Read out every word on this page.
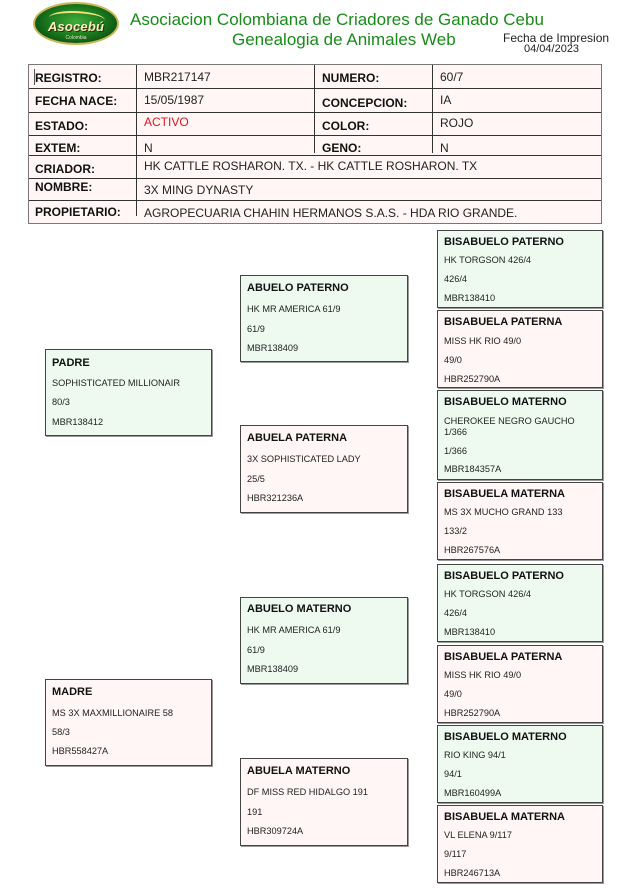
Asocebú
Colombia
Asociacion Colombiana de Criadores de Ganado Cebu
Genealogia de Animales Web	Fecha de Impresion
04/04/2023
REGISTRO:	MBR217147	NUMERO:	60/7
FECHA NACE: 15/05/1987	CONCEPCION:	IA
ESTADO:	ACTIVO	COLOR:	ROJO
EXTEM:	N	GENO:	N
CRIADOR:	HK CATTLE ROSHARON. TX. - HK CATTLE ROSHARON. TX
NOMBRE:	3X MING DYNASTY
PROPIETARIO: AGROPECUARIA CHAHIN HERMANOS S.A.S. - HDA RIO GRANDE.
PADRE
SOPHISTICATED MILLIONAIR
80/3
MBR138412
MADRE
MS 3X MAXMILLIONAIRE 58
58/3
HBR558427A
ABUELO PATERNO
HK MR AMERICA 61/9
61/9
MBR138409
ABUELA PATERNA
3X SOPHISTICATED LADY
25/5
HBR321236A
ABUELO MATERNO
HK MR AMERICA 61/9
61/9
MBR138409
ABUELA MATERNO
DF MISS RED HIDALGO 191
191
HBR309724A
BISABUELO PATERNO
HK TORGSON 426/4
426/4
MBR138410
BISABUELA PATERNA
MISS HK RIO 49/0
49/0
HBR252790A
BISABUELO MATERNO
CHEROKEE NEGRO GAUCHO
1/366
1/366
MBR184357A
BISABUELA MATERNA
MS 3X MUCHO GRAND 133
133/2
HBR267576A
BISABUELO PATERNO
HK TORGSON 426/4
426/4
MBR138410
BISABUELA PATERNA
MISS HK RIO 49/0
49/0
HBR252790A
BISABUELO MATERNO
RIO KING 94/1
94/1
MBR160499A
BISABUELA MATERNA
VL ELENA 9/117
9/117
HBR246713A
